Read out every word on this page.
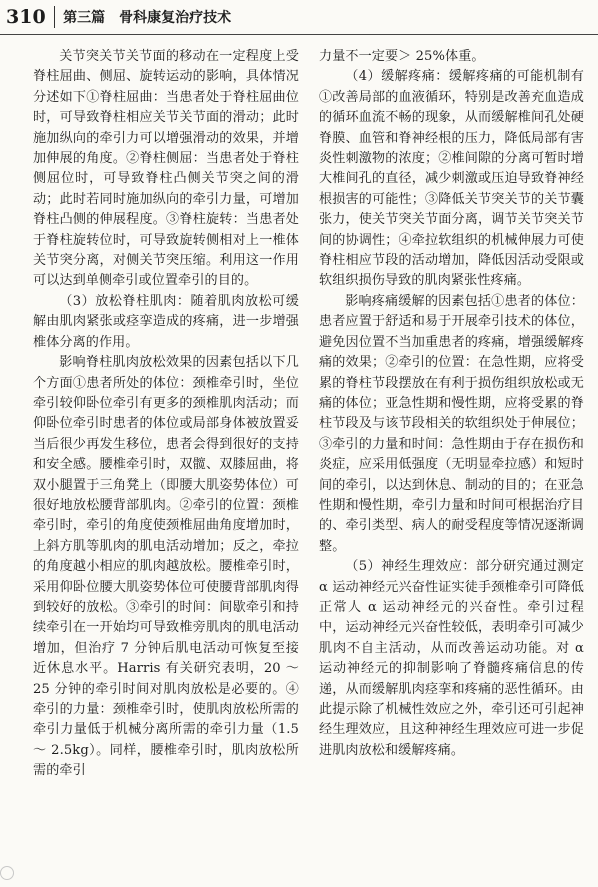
310	第三篇 骨科康复治疗技术

关节突关节关节面的移动在一定程度上受脊柱屈曲、侧屈、旋转运动的影响，具体情况分述如下①脊柱屈曲：当患者处于脊柱屈曲位时，可导致脊柱相应关节关节面的滑动；此时施加纵向的牵引力可以增强滑动的效果，并增加伸展的角度。②脊柱侧屈：当患者处于脊柱侧屈位时，可导致脊柱凸侧关节突之间的滑动；此时若同时施加纵向的牵引力量，可增加脊柱凸侧的伸展程度。③脊柱旋转：当患者处于脊柱旋转位时，可导致旋转侧相对上一椎体关节突分离，对侧关节突压缩。利用这一作用可以达到单侧牵引或位置牵引的目的。

（3）放松脊柱肌肉：随着肌肉放松可缓解由肌肉紧张或痉挛造成的疼痛，进一步增强椎体分离的作用。

影响脊柱肌肉放松效果的因素包括以下几个方面①患者所处的体位：颈椎牵引时，坐位牵引较仰卧位牵引有更多的颈椎肌肉活动；而仰卧位牵引时患者的体位或局部身体被放置妥当后很少再发生移位，患者会得到很好的支持和安全感。腰椎牵引时，双髋、双膝屈曲，将双小腿置于三角凳上（即腰大肌姿势体位）可很好地放松腰背部肌肉。②牵引的位置：颈椎牵引时，牵引的角度使颈椎屈曲角度增加时，上斜方肌等肌肉的肌电活动增加；反之，牵拉的角度越小相应的肌肉越放松。腰椎牵引时，采用仰卧位腰大肌姿势体位可使腰背部肌肉得到较好的放松。③牵引的时间：间歇牵引和持续牵引在一开始均可导致椎旁肌肉的肌电活动增加，但治疗 7 分钟后肌电活动可恢复至接近休息水平。Harris 有关研究表明，20 ～ 25 分钟的牵引时间对肌肉放松是必要的。④牵引的力量：颈椎牵引时，使肌肉放松所需的牵引力量低于机械分离所需的牵引力量（1.5 ～ 2.5kg）。同样，腰椎牵引时，肌肉放松所需的牵引

力量不一定要＞ 25%体重。

（4）缓解疼痛：缓解疼痛的可能机制有①改善局部的血液循环，特别是改善充血造成的循环血流不畅的现象，从而缓解椎间孔处硬脊膜、血管和脊神经根的压力，降低局部有害炎性刺激物的浓度；②椎间隙的分离可暂时增大椎间孔的直径，减少刺激或压迫导致脊神经根损害的可能性；③降低关节突关节的关节囊张力，使关节突关节面分离，调节关节突关节间的协调性；④牵拉软组织的机械伸展力可使脊柱相应节段的活动增加，降低因活动受限或软组织损伤导致的肌肉紧张性疼痛。

影响疼痛缓解的因素包括①患者的体位：患者应置于舒适和易于开展牵引技术的体位，避免因位置不当加重患者的疼痛，增强缓解疼痛的效果；②牵引的位置：在急性期，应将受累的脊柱节段摆放在有利于损伤组织放松或无痛的体位；亚急性期和慢性期，应将受累的脊柱节段及与该节段相关的软组织处于伸展位；③牵引的力量和时间：急性期由于存在损伤和炎症，应采用低强度（无明显牵拉感）和短时间的牵引，以达到休息、制动的目的；在亚急性期和慢性期，牵引力量和时间可根据治疗目的、牵引类型、病人的耐受程度等情况逐渐调整。

（5）神经生理效应：部分研究通过测定 α 运动神经元兴奋性证实徒手颈椎牵引可降低正常人 α 运动神经元的兴奋性。牵引过程中，运动神经元兴奋性较低，表明牵引可减少肌肉不自主活动，从而改善运动功能。对 α 运动神经元的抑制影响了脊髓疼痛信息的传递，从而缓解肌肉痉挛和疼痛的恶性循环。由此提示除了机械性效应之外，牵引还可引起神经生理效应，且这种神经生理效应可进一步促进肌肉放松和缓解疼痛。
